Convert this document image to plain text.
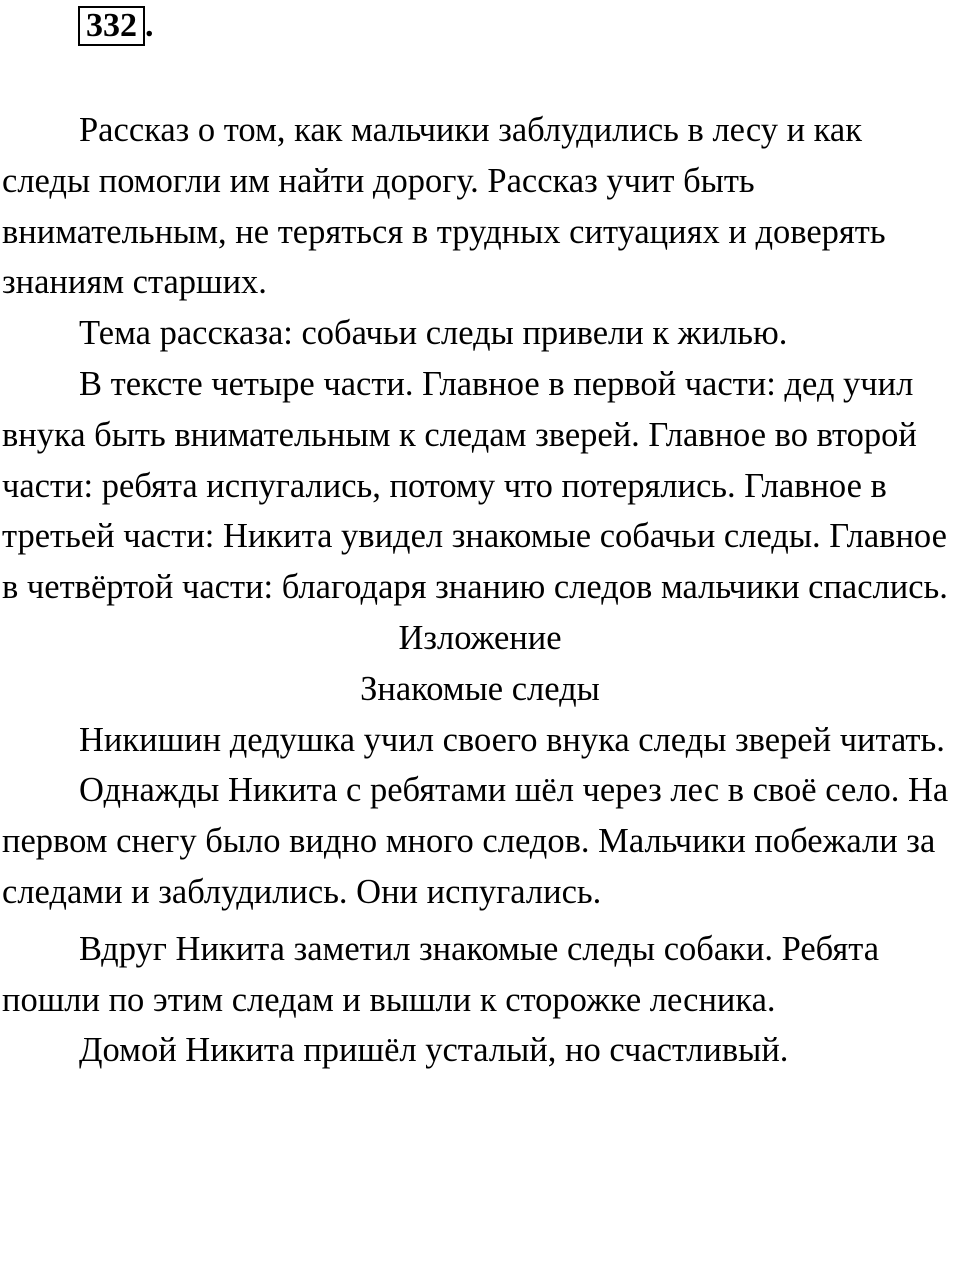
332 .

Рассказ о том, как мальчики заблудились в лесу и как следы помогли им найти дорогу. Рассказ учит быть внимательным, не теряться в трудных ситуациях и доверять знаниям старших.

Тема рассказа: собачьи следы привели к жилью.

В тексте четыре части. Главное в первой части: дед учил внука быть внимательным к следам зверей. Главное во второй части: ребята испугались, потому что потерялись. Главное в третьей части: Никита увидел знакомые собачьи следы. Главное в четвёртой части: благодаря знанию следов мальчики спаслись.

Изложение

Знакомые следы

Никишин дедушка учил своего внука следы зверей читать.

Однажды Никита с ребятами шёл через лес в своё село. На первом снегу было видно много следов. Мальчики побежали за следами и заблудились. Они испугались.

Вдруг Никита заметил знакомые следы собаки. Ребята пошли по этим следам и вышли к сторожке лесника.

Домой Никита пришёл усталый, но счастливый.
